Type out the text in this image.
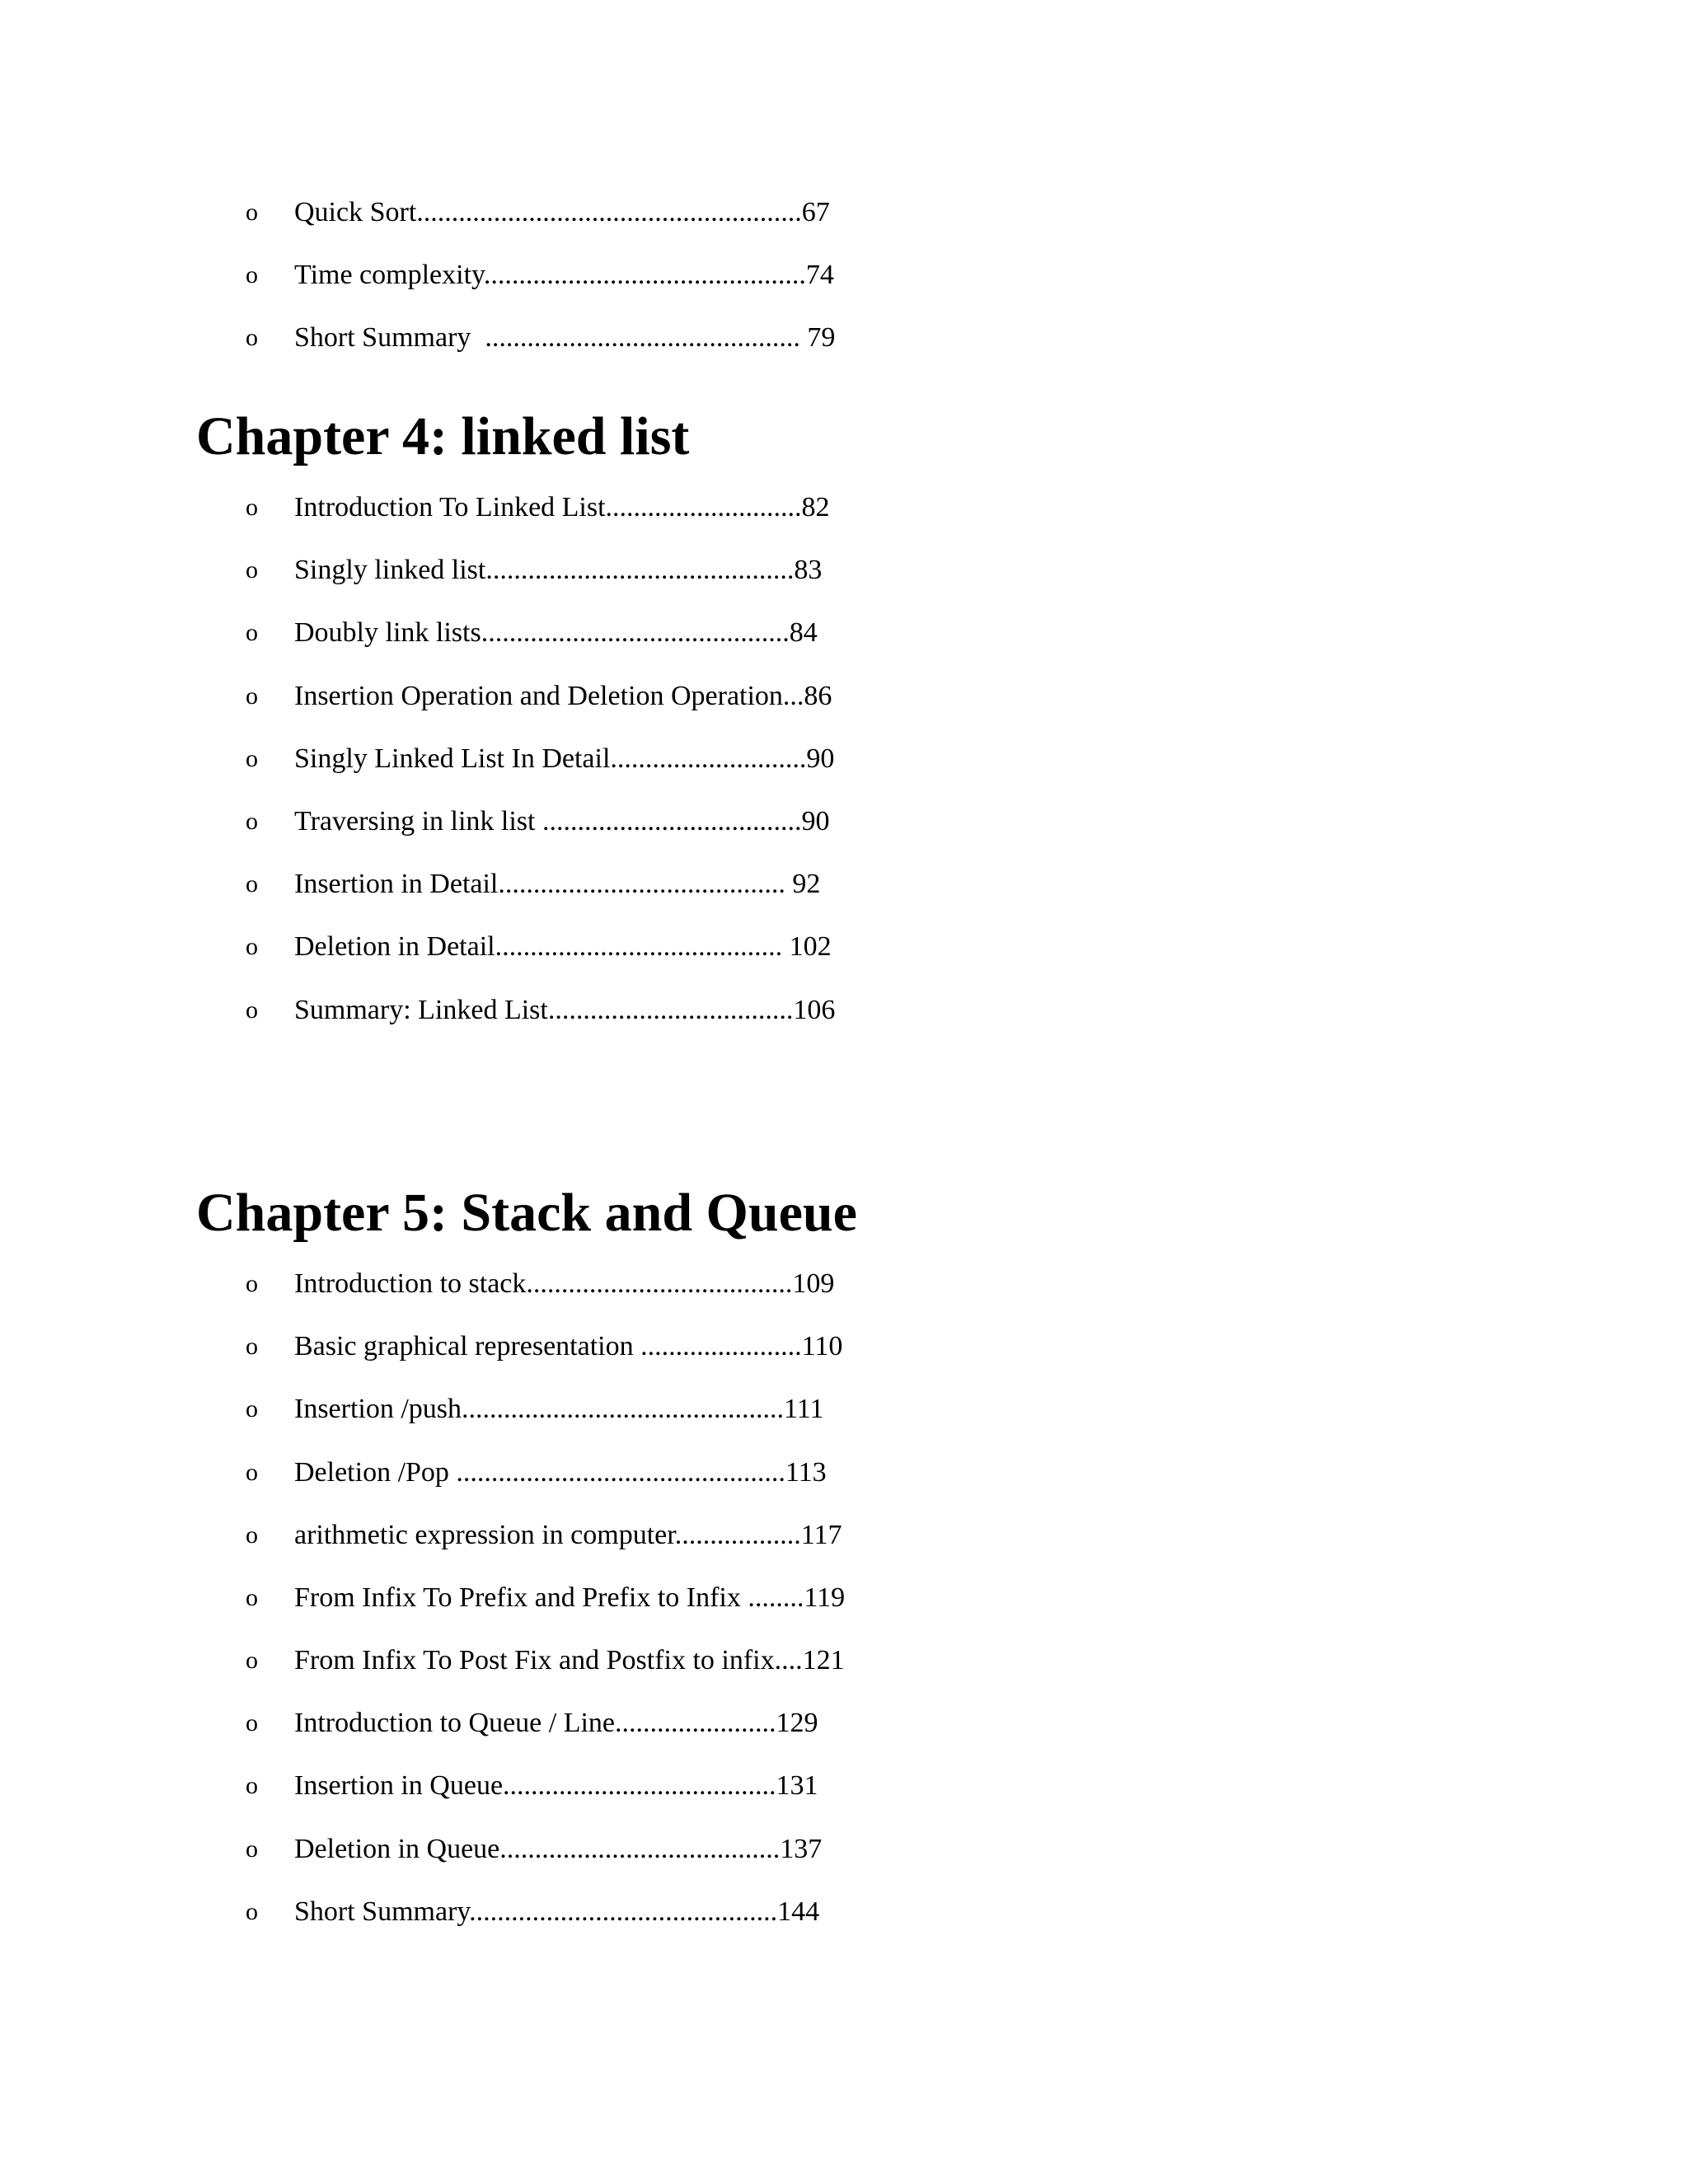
o

Quick Sort.......................................................67

o

Time complexity..............................................74

o

Short Summary  ............................................. 79

Chapter 4: linked list

o

Introduction To Linked List............................82

o

Singly linked list............................................83

o

Doubly link lists............................................84

o

Insertion Operation and Deletion Operation...86

o

Singly Linked List In Detail............................90

o

Traversing in link list .....................................90

o

Insertion in Detail......................................... 92

o

Deletion in Detail......................................... 102

o

Summary: Linked List...................................106

Chapter 5: Stack and Queue

o

Introduction to stack......................................109

o

Basic graphical representation .......................110

o

Insertion /push..............................................111

o

Deletion /Pop ...............................................113

o

arithmetic expression in computer..................117

o

From Infix To Prefix and Prefix to Infix ........119

o

From Infix To Post Fix and Postfix to infix....121

o

Introduction to Queue / Line.......................129

o

Insertion in Queue.......................................131

o

Deletion in Queue........................................137

o

Short Summary............................................144
